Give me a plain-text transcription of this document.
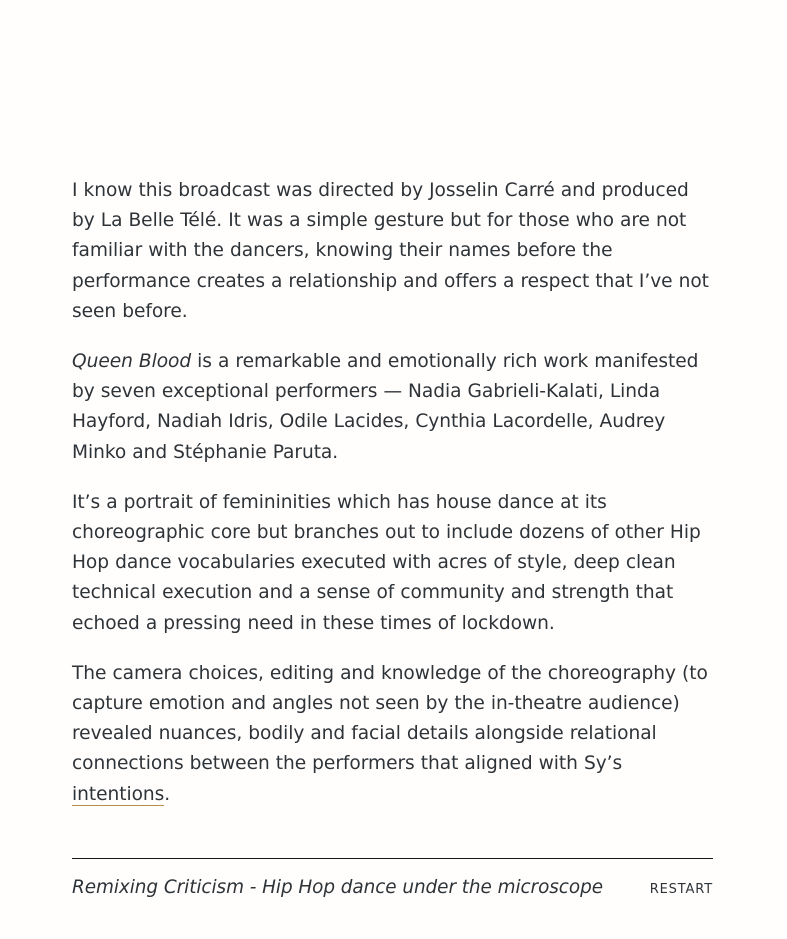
I know this broadcast was directed by Josselin Carré and produced by La Belle Télé. It was a simple gesture but for those who are not familiar with the dancers, knowing their names before the performance creates a relationship and offers a respect that I’ve not seen before.

Queen Blood is a remarkable and emotionally rich work manifested by seven exceptional performers — Nadia Gabrieli-Kalati, Linda Hayford, Nadiah Idris, Odile Lacides, Cynthia Lacordelle, Audrey Minko and Stéphanie Paruta.

It’s a portrait of femininities which has house dance at its choreographic core but branches out to include dozens of other Hip Hop dance vocabularies executed with acres of style, deep clean technical execution and a sense of community and strength that echoed a pressing need in these times of lockdown.

The camera choices, editing and knowledge of the choreography (to capture emotion and angles not seen by the in-theatre audience) revealed nuances, bodily and facial details alongside relational connections between the performers that aligned with Sy’s intentions.

Remixing Criticism - Hip Hop dance under the microscope	RESTART
